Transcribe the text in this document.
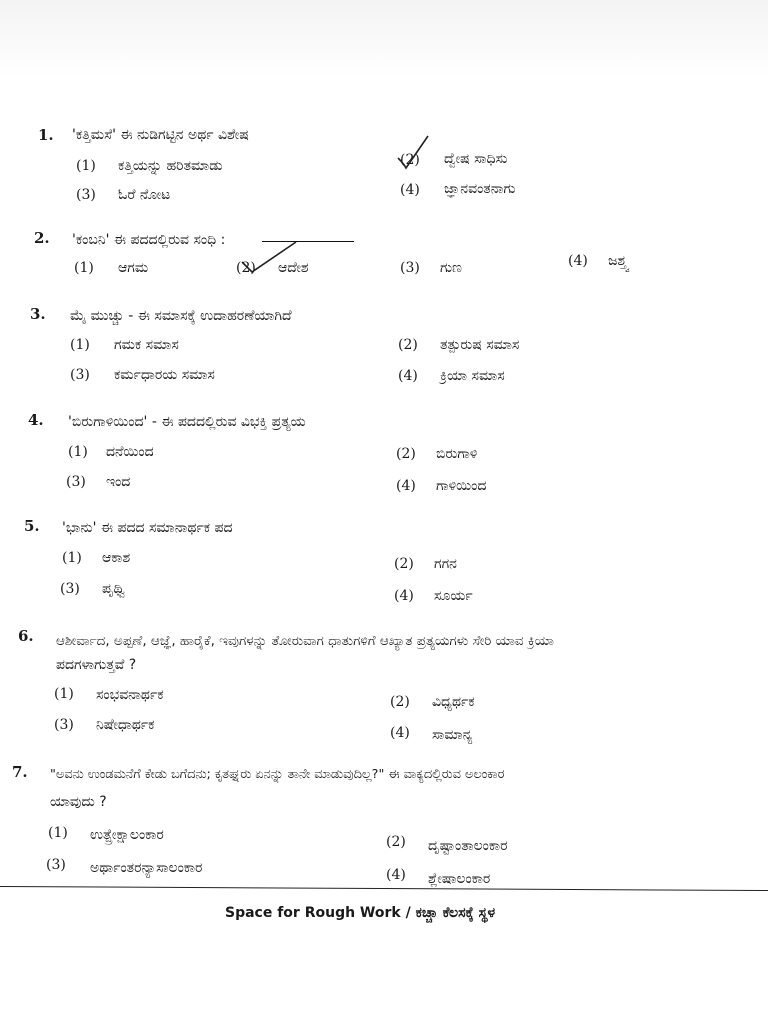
1. 'ಕತ್ತಿಮಸೆ' ಈ ನುಡಿಗಟ್ಟಿನ ಅರ್ಥ ವಿಶೇಷ
(1) ಕತ್ತಿಯನ್ನು ಹರಿತಮಾಡು	(2) ದ್ವೇಷ ಸಾಧಿಸು
(3) ಓರೆ ನೋಟ	(4) ಜ್ಞಾನವಂತನಾಗು
2. 'ಕಂಬನಿ' ಈ ಪದದಲ್ಲಿರುವ ಸಂಧಿ :
(1) ಆಗಮ	(2) ಆದೇಶ	(3) ಗುಣ	(4) ಜಶ್ತ್ವ
3. ಮೈ ಮುಚ್ಚು - ಈ ಸಮಾಸಕ್ಕೆ ಉದಾಹರಣೆಯಾಗಿದೆ
(1) ಗಮಕ ಸಮಾಸ	(2) ತತ್ಪುರುಷ ಸಮಾಸ
(3) ಕರ್ಮಧಾರಯ ಸಮಾಸ	(4) ಕ್ರಿಯಾ ಸಮಾಸ
4. 'ಬಿರುಗಾಳಿಯಿಂದ' - ಈ ಪದದಲ್ಲಿರುವ ವಿಭಕ್ತಿ ಪ್ರತ್ಯಯ
(1) ದನೆಯಿಂದ	(2) ಬಿರುಗಾಳಿ
(3) ಇಂದ	(4) ಗಾಳಿಯಿಂದ
5. 'ಭಾನು' ಈ ಪದದ ಸಮಾನಾರ್ಥಕ ಪದ
(1) ಆಕಾಶ	(2) ಗಗನ
(3) ಪೃಥ್ವಿ	(4) ಸೂರ್ಯ
6. ಆಶೀರ್ವಾದ, ಅಪ್ಪಣೆ, ಆಜ್ಞೆ, ಹಾರೈಕೆ, ಇವುಗಳನ್ನು ತೋರುವಾಗ ಧಾತುಗಳಿಗೆ ಆಖ್ಯಾತ ಪ್ರತ್ಯಯಗಳು ಸೇರಿ ಯಾವ ಕ್ರಿಯಾ
ಪದಗಳಾಗುತ್ತವೆ ?
(1) ಸಂಭವನಾರ್ಥಕ	(2) ವಿಧ್ಯರ್ಥಕ
(3) ನಿಷೇಧಾರ್ಥಕ	(4) ಸಾಮಾನ್ಯ
7. "ಅವನು ಉಂಡಮನೆಗೆ ಕೇಡು ಬಗೆದನು; ಕೃತಘ್ನರು ಏನನ್ನು ತಾನೇ ಮಾಡುವುದಿಲ್ಲ?" ಈ ವಾಕ್ಯದಲ್ಲಿರುವ ಅಲಂಕಾರ
ಯಾವುದು ?
(1) ಉತ್ಪ್ರೇಕ್ಷಾಲಂಕಾರ	(2) ದೃಷ್ಟಾಂತಾಲಂಕಾರ
(3) ಅರ್ಥಾಂತರನ್ಯಾಸಾಲಂಕಾರ	(4) ಶ್ಲೇಷಾಲಂಕಾರ
Space for Rough Work / ಕಚ್ಚಾ ಕೆಲಸಕ್ಕೆ ಸ್ಥಳ
